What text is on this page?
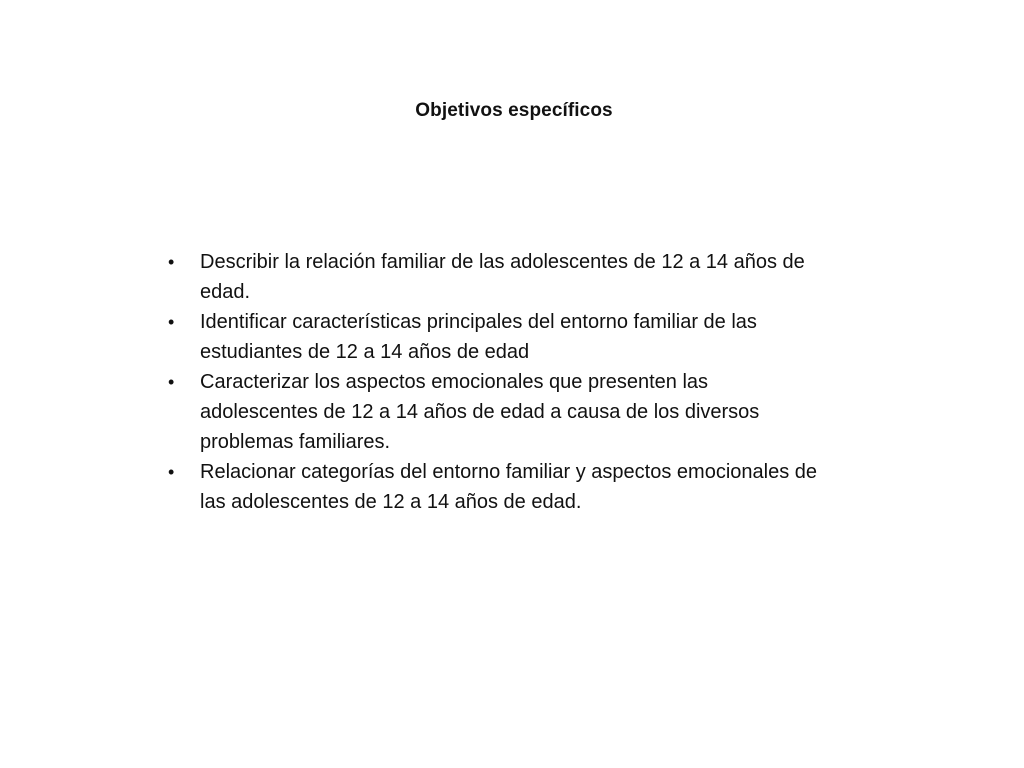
Objetivos específicos
• Describir la relación familiar de las adolescentes de 12 a 14 años de edad.
• Identificar características principales del entorno familiar de las estudiantes de 12 a 14 años de edad
• Caracterizar los aspectos emocionales que presenten las adolescentes de 12 a 14 años de edad a causa de los diversos problemas familiares.
• Relacionar categorías del entorno familiar y aspectos emocionales de las adolescentes de 12 a 14 años de edad.
